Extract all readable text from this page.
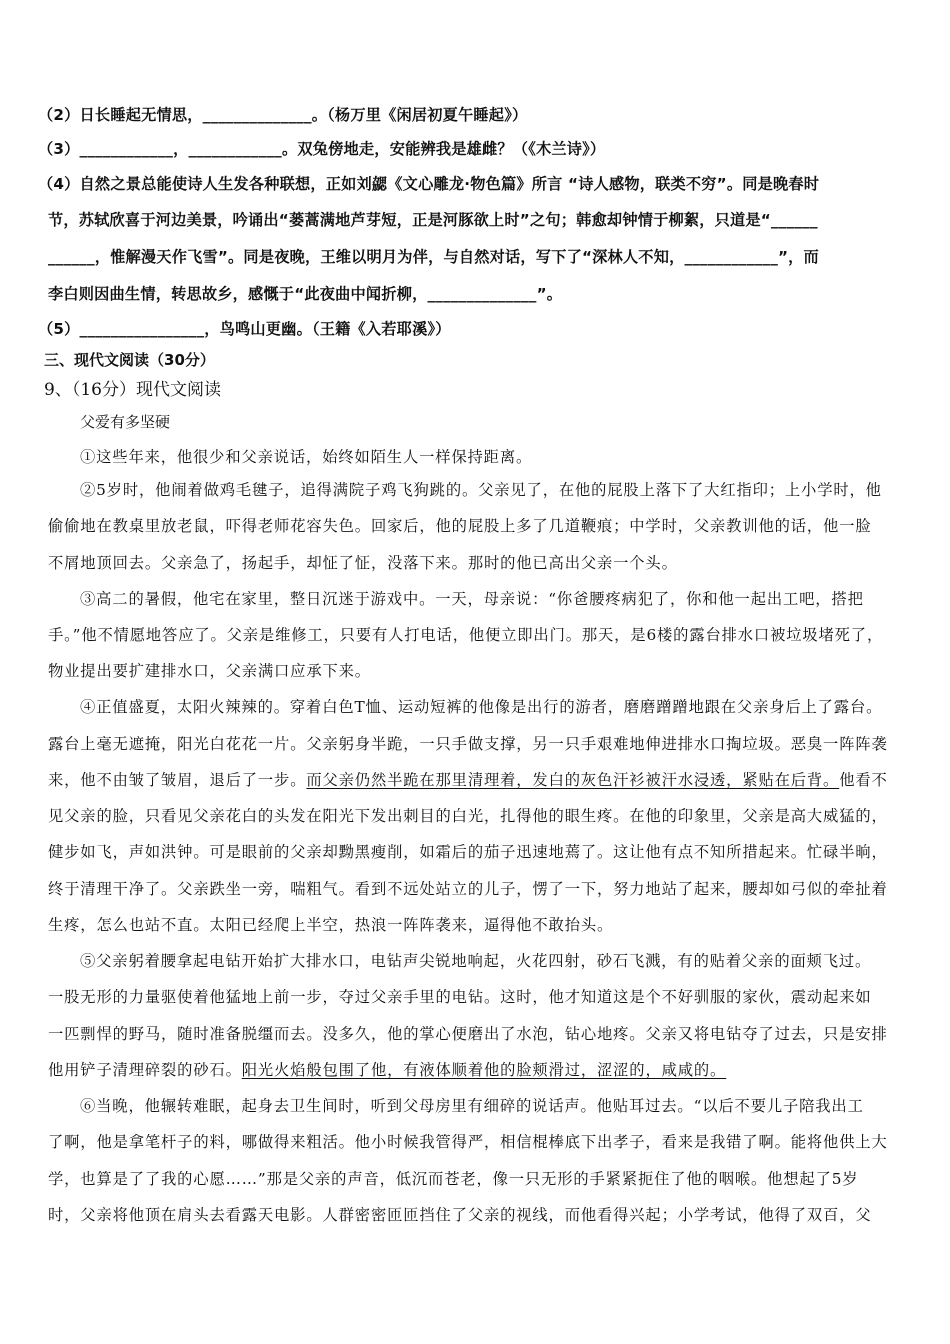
（2）日长睡起无情思，______________。（杨万里《闲居初夏午睡起》）
（3）____________，____________。双兔傍地走，安能辨我是雄雌？（《木兰诗》）
（4）自然之景总能使诗人生发各种联想，正如刘勰《文心雕龙·物色篇》所言 “诗人感物，联类不穷”。同是晚春时
节，苏轼欣喜于河边美景，吟诵出“蒌蒿满地芦芽短，正是河豚欲上时”之句；韩愈却钟情于柳絮，只道是“______
______，惟解漫天作飞雪”。同是夜晚，王维以明月为伴，与自然对话，写下了“深林人不知，____________”，而
李白则因曲生情，转思故乡，感慨于“此夜曲中闻折柳，______________”。
（5）________________，鸟鸣山更幽。（王籍《入若耶溪》）
三、现代文阅读（30分）
9、（16分）现代文阅读
父爱有多坚硬
①这些年来，他很少和父亲说话，始终如陌生人一样保持距离。
②5岁时，他闹着做鸡毛毽子，追得满院子鸡飞狗跳的。父亲见了，在他的屁股上落下了大红指印；上小学时，他
偷偷地在教桌里放老鼠，吓得老师花容失色。回家后，他的屁股上多了几道鞭痕；中学时，父亲教训他的话，他一脸
不屑地顶回去。父亲急了，扬起手，却怔了怔，没落下来。那时的他已高出父亲一个头。
③高二的暑假，他宅在家里，整日沉迷于游戏中。一天，母亲说：“你爸腰疼病犯了，你和他一起出工吧，搭把
手。”他不情愿地答应了。父亲是维修工，只要有人打电话，他便立即出门。那天，是6楼的露台排水口被垃圾堵死了，
物业提出要扩建排水口，父亲满口应承下来。
④正值盛夏，太阳火辣辣的。穿着白色T恤、运动短裤的他像是出行的游者，磨磨蹭蹭地跟在父亲身后上了露台。
露台上毫无遮掩，阳光白花花一片。父亲躬身半跪，一只手做支撑，另一只手艰难地伸进排水口掏垃圾。恶臭一阵阵袭
来，他不由皱了皱眉，退后了一步。而父亲仍然半跪在那里清理着，发白的灰色汗衫被汗水浸透，紧贴在后背。他看不
见父亲的脸，只看见父亲花白的头发在阳光下发出刺目的白光，扎得他的眼生疼。在他的印象里，父亲是高大威猛的，
健步如飞，声如洪钟。可是眼前的父亲却黝黑瘦削，如霜后的茄子迅速地蔫了。这让他有点不知所措起来。忙碌半晌，
终于清理干净了。父亲跌坐一旁，喘粗气。看到不远处站立的儿子，愣了一下，努力地站了起来，腰却如弓似的牵扯着
生疼，怎么也站不直。太阳已经爬上半空，热浪一阵阵袭来，逼得他不敢抬头。
⑤父亲躬着腰拿起电钻开始扩大排水口，电钻声尖锐地响起，火花四射，砂石飞溅，有的贴着父亲的面颊飞过。
一股无形的力量驱使着他猛地上前一步，夺过父亲手里的电钻。这时，他才知道这是个不好驯服的家伙，震动起来如
一匹剽悍的野马，随时准备脱缰而去。没多久，他的掌心便磨出了水泡，钻心地疼。父亲又将电钻夺了过去，只是安排
他用铲子清理碎裂的砂石。阳光火焰般包围了他，有液体顺着他的脸颊滑过，涩涩的，咸咸的。
⑥当晚，他辗转难眠，起身去卫生间时，听到父母房里有细碎的说话声。他贴耳过去。“以后不要儿子陪我出工
了啊，他是拿笔杆子的料，哪做得来粗活。他小时候我管得严，相信棍棒底下出孝子，看来是我错了啊。能将他供上大
学，也算是了了我的心愿……”那是父亲的声音，低沉而苍老，像一只无形的手紧紧扼住了他的咽喉。他想起了5岁
时，父亲将他顶在肩头去看露天电影。人群密密匝匝挡住了父亲的视线，而他看得兴起；小学考试，他得了双百，父
